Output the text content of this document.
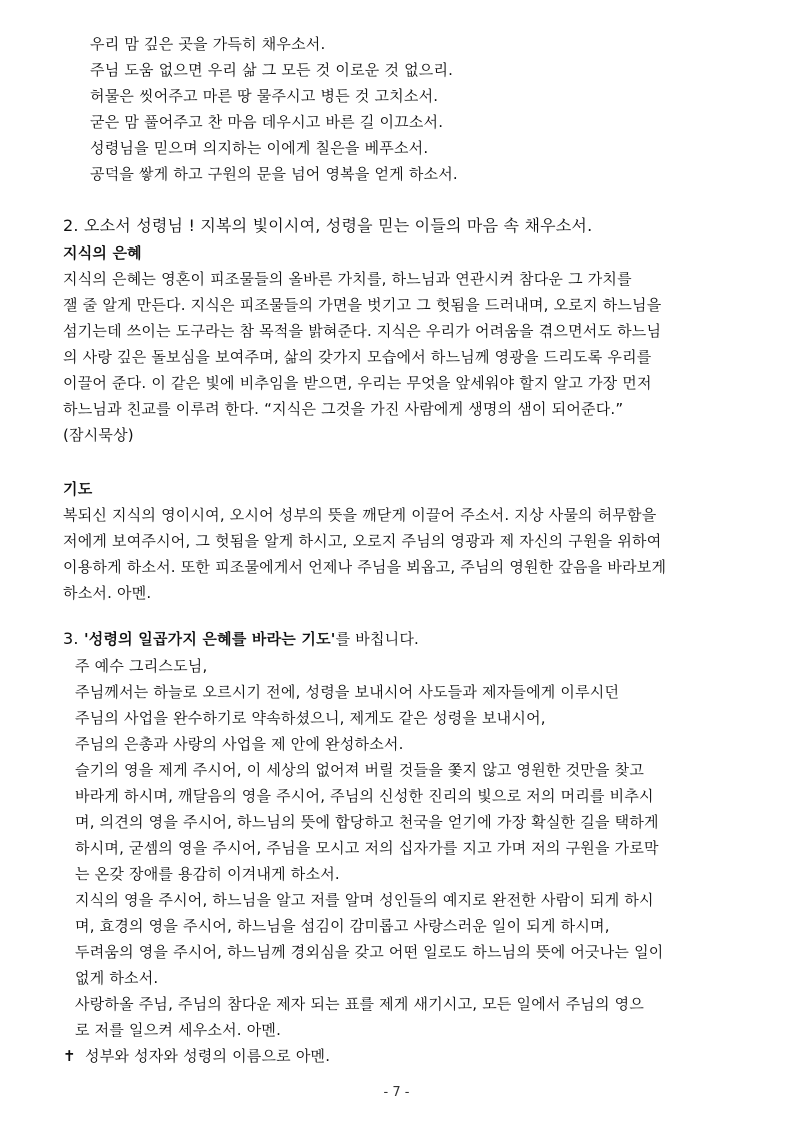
우리 맘 깊은 곳을 가득히 채우소서.
주님 도움 없으면 우리 삶 그 모든 것 이로운 것 없으리.
허물은 씻어주고 마른 땅 물주시고 병든 것 고치소서.
굳은 맘 풀어주고 찬 마음 데우시고 바른 길 이끄소서.
성령님을 믿으며 의지하는 이에게 칠은을 베푸소서.
공덕을 쌓게 하고 구원의 문을 넘어 영복을 얻게 하소서.
2. 오소서 성령님 ! 지복의 빛이시여, 성령을 믿는 이들의 마음 속 채우소서.
지식의 은혜
지식의 은혜는 영혼이 피조물들의 올바른 가치를, 하느님과 연관시켜 참다운 그 가치를
잴 줄 알게 만든다. 지식은 피조물들의 가면을 벗기고 그 헛됨을 드러내며, 오로지 하느님을
섬기는데 쓰이는 도구라는 참 목적을 밝혀준다. 지식은 우리가 어려움을 겪으면서도 하느님
의 사랑 깊은 돌보심을 보여주며, 삶의 갖가지 모습에서 하느님께 영광을 드리도록 우리를
이끌어 준다. 이 같은 빛에 비추임을 받으면, 우리는 무엇을 앞세워야 할지 알고 가장 먼저
하느님과 친교를 이루려 한다. “지식은 그것을 가진 사람에게 생명의 샘이 되어준다.”
(잠시묵상)
기도
복되신 지식의 영이시여, 오시어 성부의 뜻을 깨닫게 이끌어 주소서. 지상 사물의 허무함을
저에게 보여주시어, 그 헛됨을 알게 하시고, 오로지 주님의 영광과 제 자신의 구원을 위하여
이용하게 하소서. 또한 피조물에게서 언제나 주님을 뵈옵고, 주님의 영원한 갚음을 바라보게
하소서. 아멘.
3. '성령의 일곱가지 은혜를 바라는 기도'를 바칩니다.
주 예수 그리스도님,
주님께서는 하늘로 오르시기 전에, 성령을 보내시어 사도들과 제자들에게 이루시던
주님의 사업을 완수하기로 약속하셨으니, 제게도 같은 성령을 보내시어,
주님의 은총과 사랑의 사업을 제 안에 완성하소서.
슬기의 영을 제게 주시어, 이 세상의 없어져 버릴 것들을 쫓지 않고 영원한 것만을 찾고
바라게 하시며, 깨달음의 영을 주시어, 주님의 신성한 진리의 빛으로 저의 머리를 비추시
며, 의견의 영을 주시어, 하느님의 뜻에 합당하고 천국을 얻기에 가장 확실한 길을 택하게
하시며, 굳셈의 영을 주시어, 주님을 모시고 저의 십자가를 지고 가며 저의 구원을 가로막
는 온갖 장애를 용감히 이겨내게 하소서.
지식의 영을 주시어, 하느님을 알고 저를 알며 성인들의 예지로 완전한 사람이 되게 하시
며, 효경의 영을 주시어, 하느님을 섬김이 감미롭고 사랑스러운 일이 되게 하시며,
두려움의 영을 주시어, 하느님께 경외심을 갖고 어떤 일로도 하느님의 뜻에 어긋나는 일이
없게 하소서.
사랑하올 주님, 주님의 참다운 제자 되는 표를 제게 새기시고, 모든 일에서 주님의 영으
로 저를 일으켜 세우소서. 아멘.
✝ 성부와 성자와 성령의 이름으로 아멘.
- 7 -
